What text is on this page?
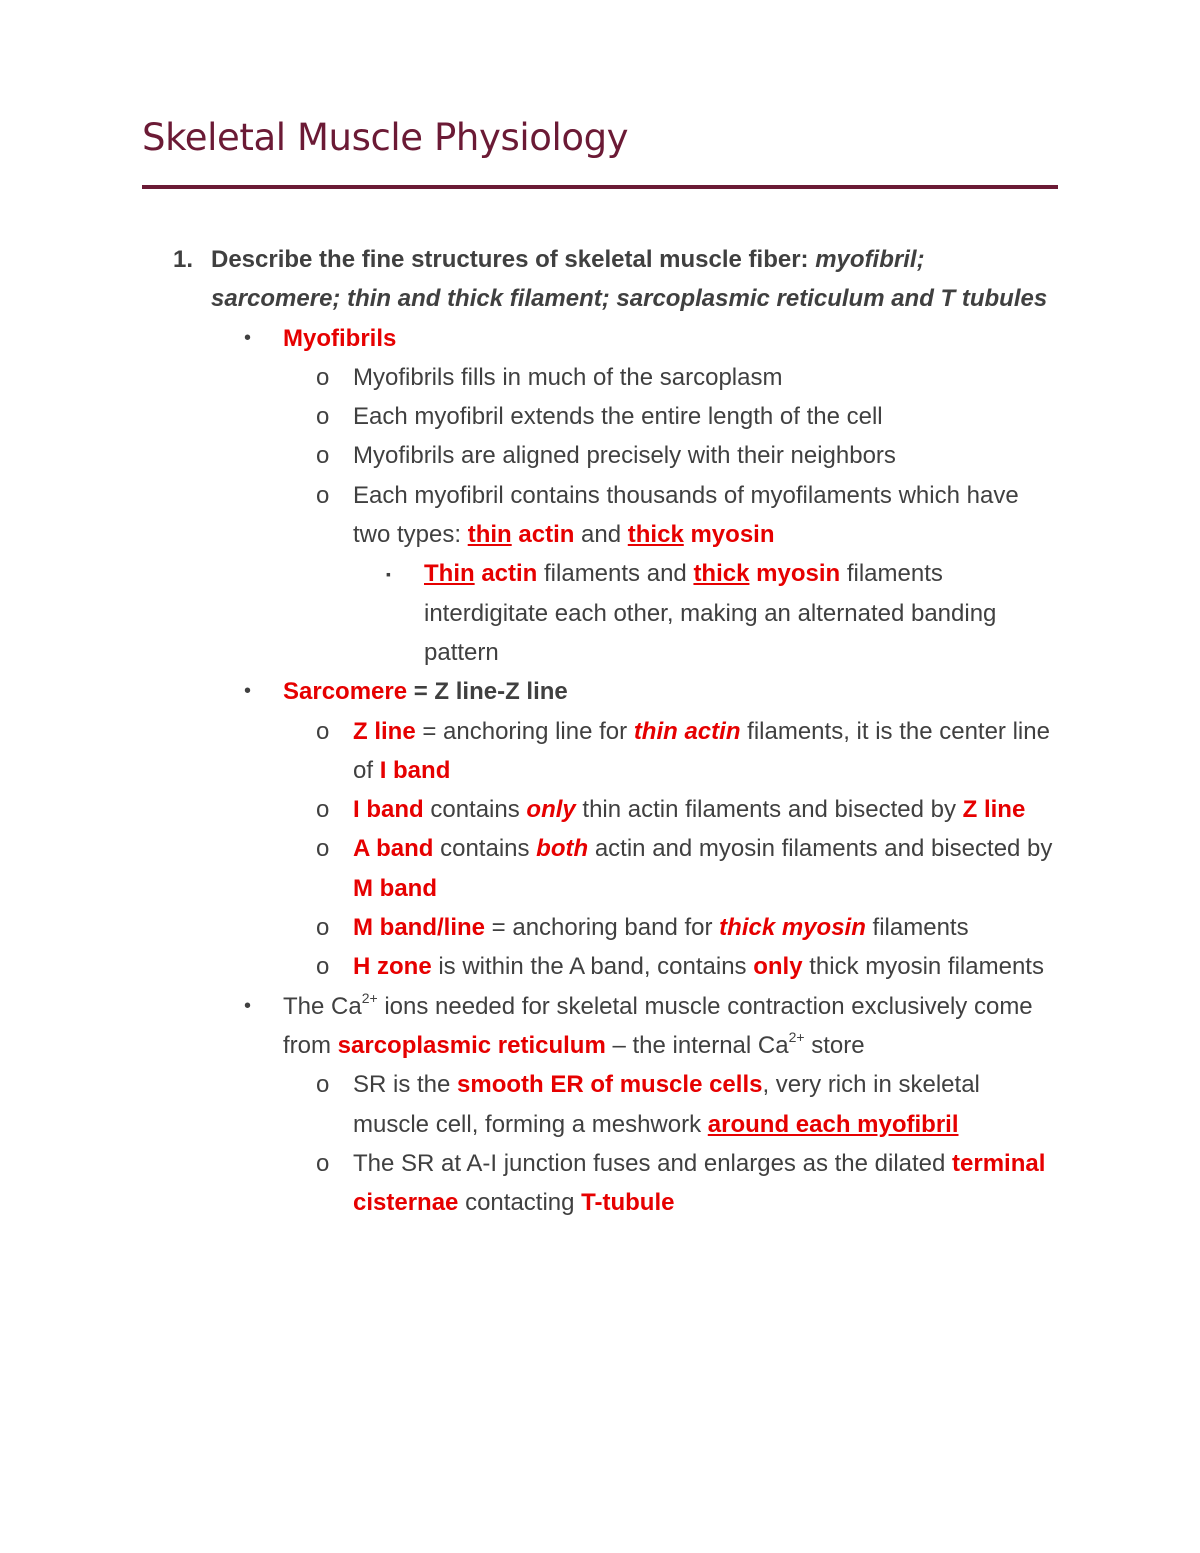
Skeletal Muscle Physiology
1. Describe the fine structures of skeletal muscle fiber: myofibril; sarcomere; thin and thick filament; sarcoplasmic reticulum and T tubules
• Myofibrils
o Myofibrils fills in much of the sarcoplasm
o Each myofibril extends the entire length of the cell
o Myofibrils are aligned precisely with their neighbors
o Each myofibril contains thousands of myofilaments which have two types: thin actin and thick myosin
▪ Thin actin filaments and thick myosin filaments interdigitate each other, making an alternated banding pattern
• Sarcomere = Z line-Z line
o Z line = anchoring line for thin actin filaments, it is the center line of I band
o I band contains only thin actin filaments and bisected by Z line
o A band contains both actin and myosin filaments and bisected by M band
o M band/line = anchoring band for thick myosin filaments
o H zone is within the A band, contains only thick myosin filaments
• The $Ca^{2+}$ ions needed for skeletal muscle contraction exclusively come from sarcoplasmic reticulum – the internal $Ca^{2+}$ store
o SR is the smooth ER of muscle cells, very rich in skeletal muscle cell, forming a meshwork around each myofibril
o The SR at A-I junction fuses and enlarges as the dilated terminal cisternae contacting T-tubule
